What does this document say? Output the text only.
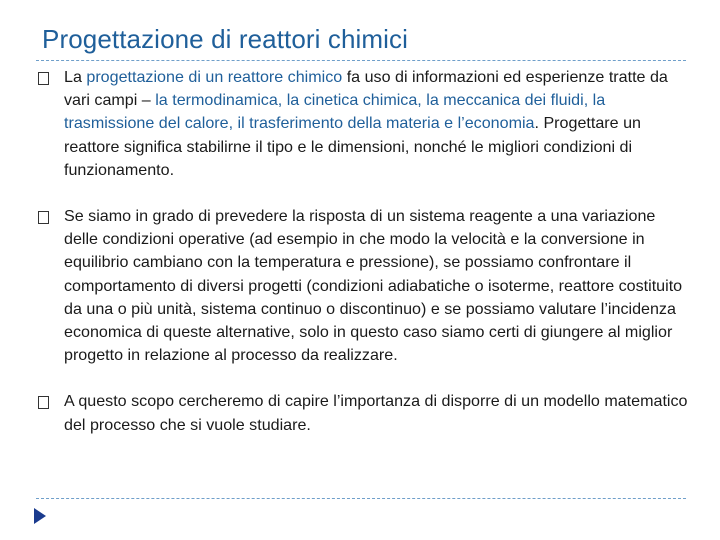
Progettazione di reattori chimici
La progettazione di un reattore chimico fa uso di informazioni ed esperienze tratte da vari campi – la termodinamica, la cinetica chimica, la meccanica dei fluidi, la trasmissione del calore, il trasferimento della materia e l’economia. Progettare un reattore significa stabilirne il tipo e le dimensioni, nonché le migliori condizioni di funzionamento.
Se siamo in grado di prevedere la risposta di un sistema reagente a una variazione delle condizioni operative (ad esempio in che modo la velocità e la conversione in equilibrio cambiano con la temperatura e pressione), se possiamo confrontare il comportamento di diversi progetti (condizioni adiabatiche o isoterme, reattore costituito da una o più unità, sistema continuo o discontinuo) e se possiamo valutare l’incidenza economica di queste alternative, solo in questo caso siamo certi di giungere al miglior progetto in relazione al processo da realizzare.
A questo scopo cercheremo di capire l’importanza di disporre di un modello matematico del processo che si vuole studiare.
